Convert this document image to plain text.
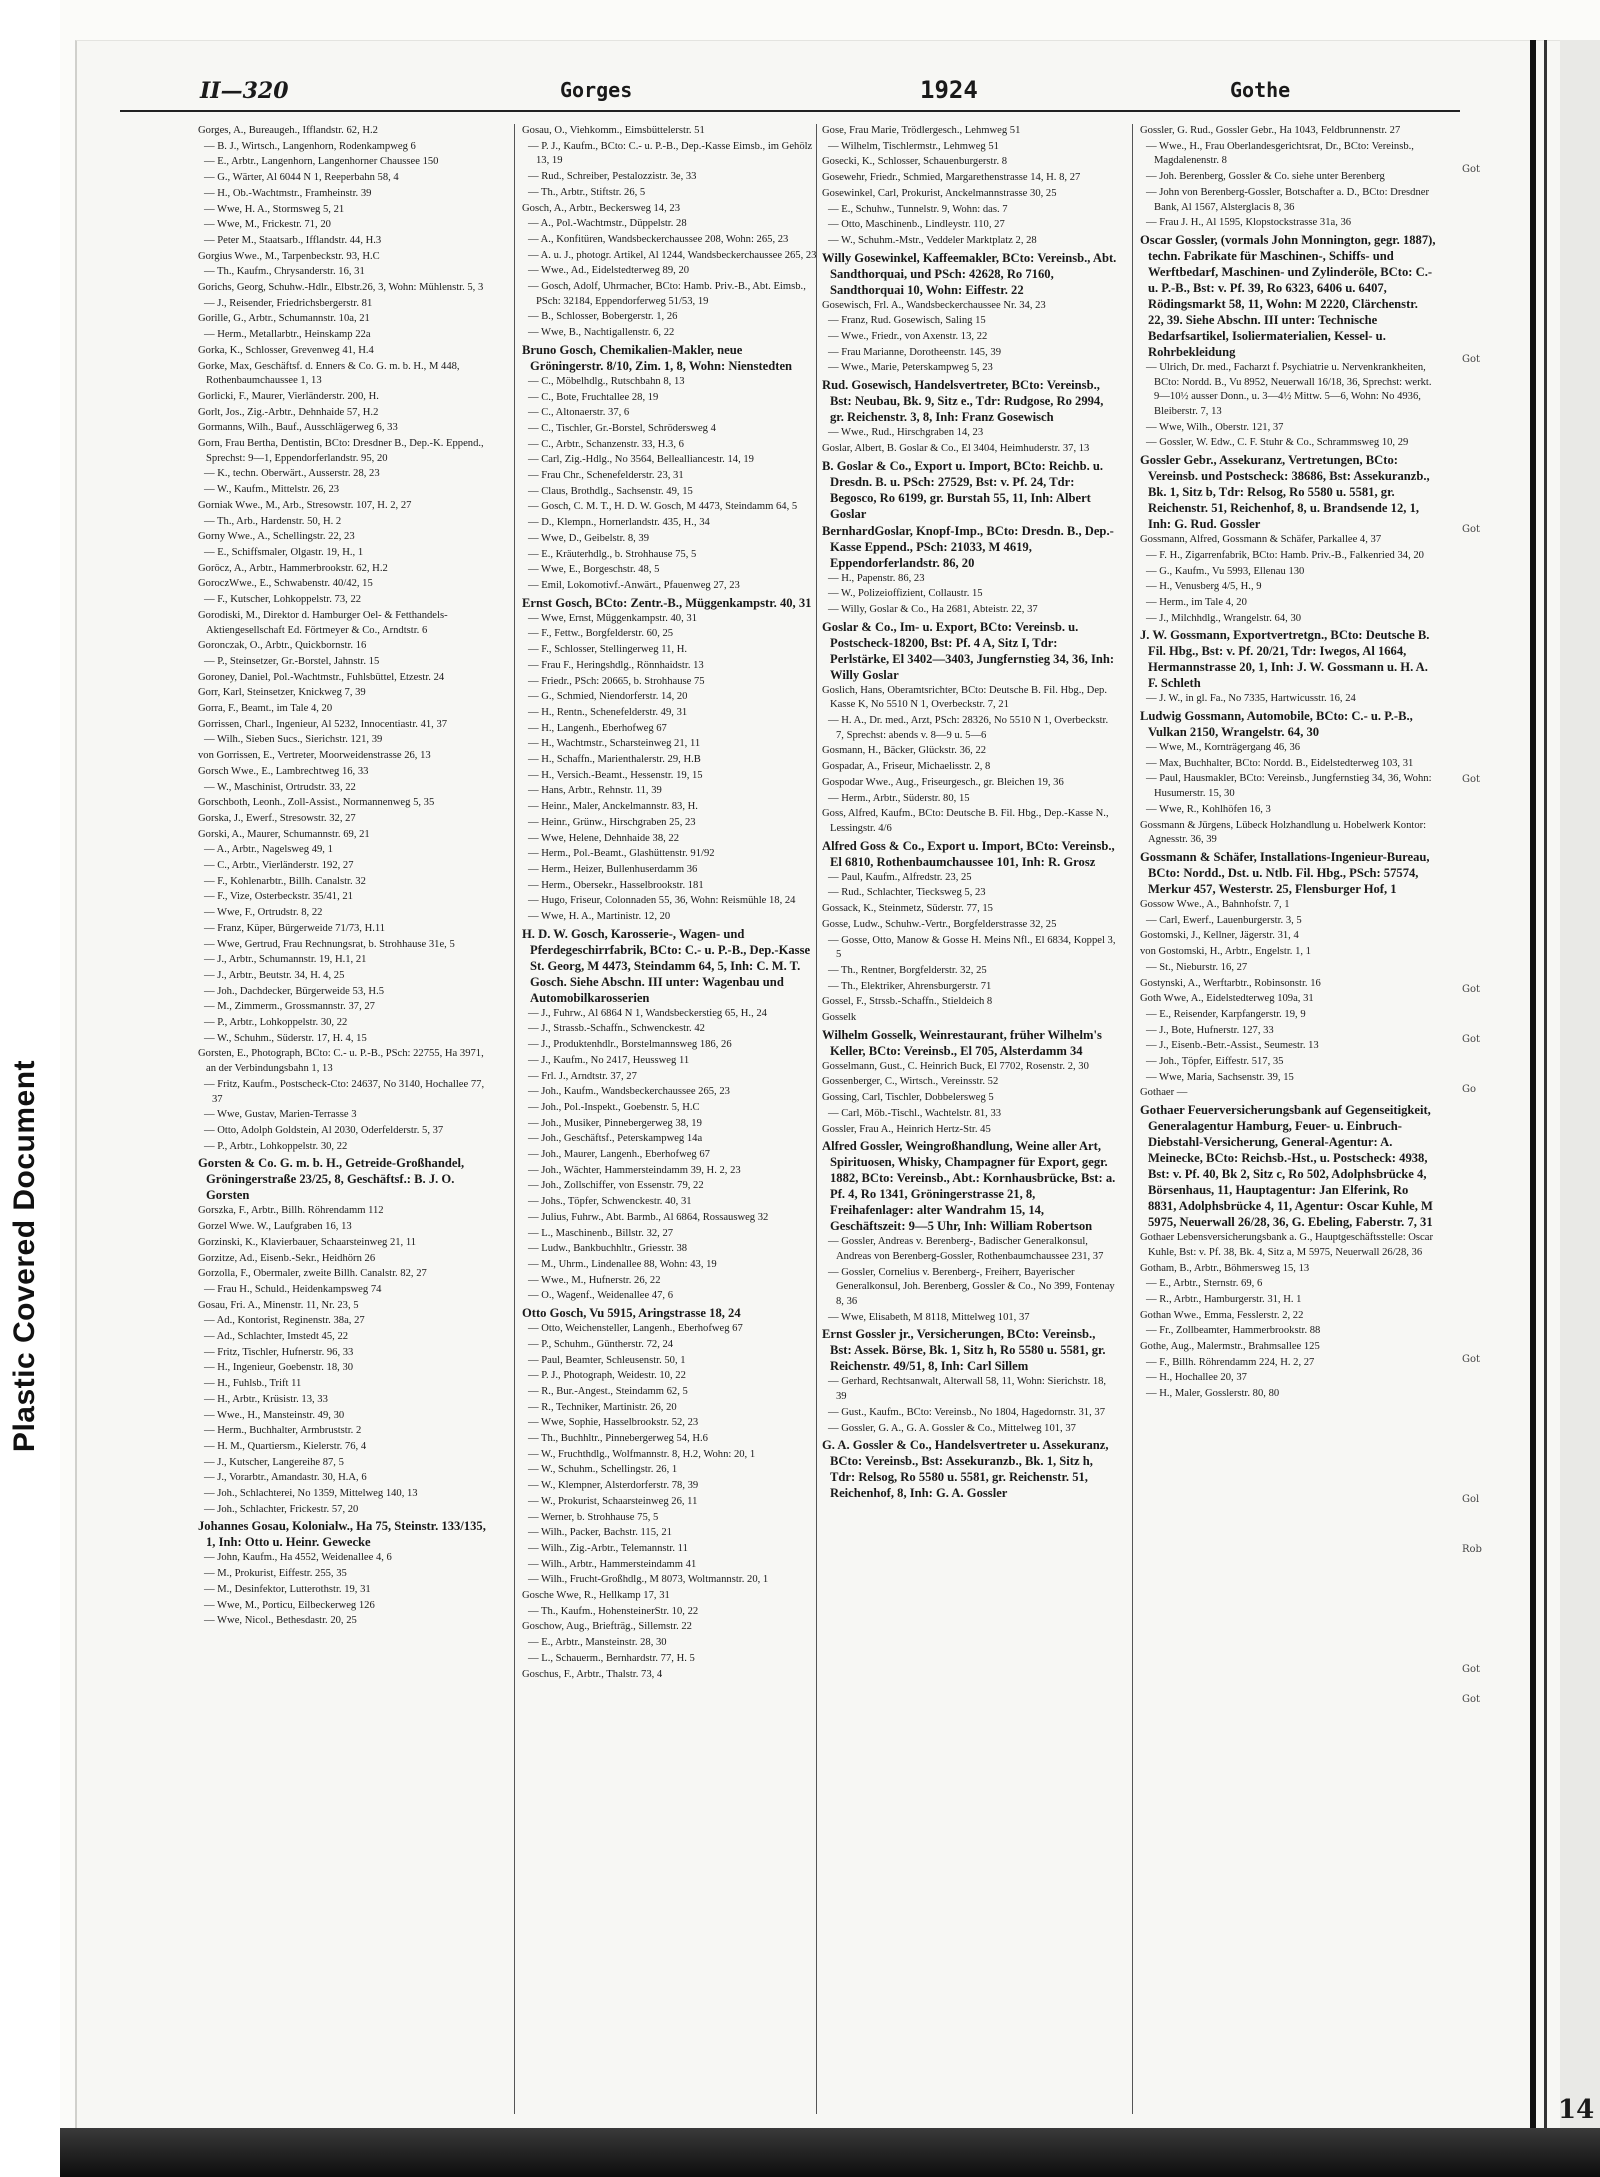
Plastic Covered Document
II—320	Gorges	1924	Gothe
Gorges, A., Bureaugeh., Ifflandstr. 62, H.2
— B. J., Wirtsch., Langenhorn, Rodenkampweg 6
— E., Arbtr., Langenhorn, Langenhorner Chaussee 150
— G., Wärter, Al 6044 N 1, Reeperbahn 58, 4
— H., Ob.-Wachtmstr., Framheinstr. 39
— Wwe, H. A., Stormsweg 5, 21
— Wwe, M., Frickestr. 71, 20
— Peter M., Staatsarb., Ifflandstr. 44, H.3
Gorgius Wwe., M., Tarpenbeckstr. 93, H.C
— Th., Kaufm., Chrysanderstr. 16, 31
Gorichs, Georg, Schuhw.-Hdlr., Elbstr.26, 3, Wohn: Mühlenstr. 5, 3
— J., Reisender, Friedrichsbergerstr. 81
Gorille, G., Arbtr., Schumannstr. 10a, 21
— Herm., Metallarbtr., Heinskamp 22a
Gorka, K., Schlosser, Grevenweg 41, H.4
Gorke, Max, Geschäftsf. d. Enners & Co. G. m. b. H., M 448, Rothenbaumchaussee 1, 13
Gorlicki, F., Maurer, Vierländerstr. 200, H.
Gorlt, Jos., Zig.-Arbtr., Dehnhaide 57, H.2
Gormanns, Wilh., Bauf., Ausschlägerweg 6, 33
Gorn, Frau Bertha, Dentistin, BCto: Dresdner B., Dep.-K. Eppend., Sprechst: 9—1, Eppendorferlandstr. 95, 20
— K., techn. Oberwärt., Ausserstr. 28, 23
— W., Kaufm., Mittelstr. 26, 23
Gorniak Wwe., M., Arb., Stresowstr. 107, H. 2, 27
— Th., Arb., Hardenstr. 50, H. 2
Gorny Wwe., A., Schellingstr. 22, 23
— E., Schiffsmaler, Olgastr. 19, H., 1
Goröcz, A., Arbtr., Hammerbrookstr. 62, H.2
GoroczWwe., E., Schwabenstr. 40/42, 15
— F., Kutscher, Lohkoppelstr. 73, 22
Gorodiski, M., Direktor d. Hamburger Oel- & Fetthandels-Aktiengesellschaft Ed. Förtmeyer & Co., Arndtstr. 6
Goronczak, O., Arbtr., Quickbornstr. 16
— P., Steinsetzer, Gr.-Borstel, Jahnstr. 15
Goroney, Daniel, Pol.-Wachtmstr., Fuhlsbüttel, Etzestr. 24
Gorr, Karl, Steinsetzer, Knickweg 7, 39
Gorra, F., Beamt., im Tale 4, 20
Gorrissen, Charl., Ingenieur, Al 5232, Innocentiastr. 41, 37
— Wilh., Sieben Sucs., Sierichstr. 121, 39
von Gorrissen, E., Vertreter, Moorweidenstrasse 26, 13
Gorsch Wwe., E., Lambrechtweg 16, 33
— W., Maschinist, Ortrudstr. 33, 22
Gorschboth, Leonh., Zoll-Assist., Normannenweg 5, 35
Gorska, J., Ewerf., Stresowstr. 32, 27
Gorski, A., Maurer, Schumannstr. 69, 21
— A., Arbtr., Nagelsweg 49, 1
— C., Arbtr., Vierländerstr. 192, 27
— F., Kohlenarbtr., Billh. Canalstr. 32
— F., Vize, Osterbeckstr. 35/41, 21
— Wwe, F., Ortrudstr. 8, 22
— Franz, Küper, Bürgerweide 71/73, H.11
— Wwe, Gertrud, Frau Rechnungsrat, b. Strohhause 31e, 5
— J., Arbtr., Schumannstr. 19, H.1, 21
— J., Arbtr., Beutstr. 34, H. 4, 25
— Joh., Dachdecker, Bürgerweide 53, H.5
— M., Zimmerm., Grossmannstr. 37, 27
— P., Arbtr., Lohkoppelstr. 30, 22
— W., Schuhm., Süderstr. 17, H. 4, 15
Gorsten, E., Photograph, BCto: C.- u. P.-B., PSch: 22755, Ha 3971, an der Verbindungsbahn 1, 13
— Fritz, Kaufm., Postscheck-Cto: 24637, No 3140, Hochallee 77, 37
— Wwe, Gustav, Marien-Terrasse 3
— Otto, Adolph Goldstein, Al 2030, Oderfelderstr. 5, 37
— P., Arbtr., Lohkoppelstr. 30, 22
Gorsten & Co. G. m. b. H., Getreide-Großhandel, Gröningerstraße 23/25, 8, Geschäftsf.: B. J. O. Gorsten
Gorszka, F., Arbtr., Billh. Röhrendamm 112
Gorzel Wwe. W., Laufgraben 16, 13
Gorzinski, K., Klavierbauer, Schaarsteinweg 21, 11
Gorzitze, Ad., Eisenb.-Sekr., Heidhörn 26
Gorzolla, F., Obermaler, zweite Billh. Canalstr. 82, 27
— Frau H., Schuld., Heidenkampsweg 74
Gosau, Fri. A., Minenstr. 11, Nr. 23, 5
— Ad., Kontorist, Reginenstr. 38a, 27
— Ad., Schlachter, Imstedt 45, 22
— Fritz, Tischler, Hufnerstr. 96, 33
— H., Ingenieur, Goebenstr. 18, 30
— H., Fuhlsb., Trift 11
— H., Arbtr., Krüsistr. 13, 33
— Wwe., H., Mansteinstr. 49, 30
— Herm., Buchhalter, Armbruststr. 2
— H. M., Quartiersm., Kielerstr. 76, 4
— J., Kutscher, Langereihe 87, 5
— J., Vorarbtr., Amandastr. 30, H.A, 6
— Joh., Schlachterei, No 1359, Mittelweg 140, 13
— Joh., Schlachter, Frickestr. 57, 20
Johannes Gosau, Kolonialw., Ha 75, Steinstr. 133/135, 1, Inh: Otto u. Heinr. Gewecke
— John, Kaufm., Ha 4552, Weidenallee 4, 6
— M., Prokurist, Eiffestr. 255, 35
— M., Desinfektor, Lutterothstr. 19, 31
— Wwe, M., Porticu, Eilbeckerweg 126
— Wwe, Nicol., Bethesdastr. 20, 25
Gosau, O., Viehkomm., Eimsbüttelerstr. 51
— P. J., Kaufm., BCto: C.- u. P.-B., Dep.-Kasse Eimsb., im Gehölz 13, 19
— Rud., Schreiber, Pestalozzistr. 3e, 33
— Th., Arbtr., Stiftstr. 26, 5
Gosch, A., Arbtr., Beckersweg 14, 23
— A., Pol.-Wachtmstr., Düppelstr. 28
— A., Konfitüren, Wandsbeckerchaussee 208, Wohn: 265, 23
— A. u. J., photogr. Artikel, Al 1244, Wandsbeckerchaussee 265, 23
— Wwe., Ad., Eidelstedterweg 89, 20
— Gosch, Adolf, Uhrmacher, BCto: Hamb. Priv.-B., Abt. Eimsb., PSch: 32184, Eppendorferweg 51/53, 19
— B., Schlosser, Bobergerstr. 1, 26
— Wwe, B., Nachtigallenstr. 6, 22
Bruno Gosch, Chemikalien-Makler, neue Gröningerstr. 8/10, Zim. 1, 8, Wohn: Nienstedten
— C., Möbelhdlg., Rutschbahn 8, 13
— C., Bote, Fruchtallee 28, 19
— C., Altonaerstr. 37, 6
— C., Tischler, Gr.-Borstel, Schrödersweg 4
— C., Arbtr., Schanzenstr. 33, H.3, 6
— Carl, Zig.-Hdlg., No 3564, Bellealliancestr. 14, 19
— Frau Chr., Schenefelderstr. 23, 31
— Claus, Brothdlg., Sachsenstr. 49, 15
— Gosch, C. M. T., H. D. W. Gosch, M 4473, Steindamm 64, 5
— D., Klempn., Hornerlandstr. 435, H., 34
— Wwe, D., Geibelstr. 8, 39
— E., Kräuterhdlg., b. Strohhause 75, 5
— Wwe, E., Borgeschstr. 48, 5
— Emil, Lokomotivf.-Anwärt., Pfauenweg 27, 23
Ernst Gosch, BCto: Zentr.-B., Müggenkampstr. 40, 31
— Wwe, Ernst, Müggenkampstr. 40, 31
— F., Fettw., Borgfelderstr. 60, 25
— F., Schlosser, Stellingerweg 11, H.
— Frau F., Heringshdlg., Rönnhaidstr. 13
— Friedr., PSch: 20665, b. Strohhause 75
— G., Schmied, Niendorferstr. 14, 20
— H., Rentn., Schenefelderstr. 49, 31
— H., Langenh., Eberhofweg 67
— H., Wachtmstr., Scharsteinweg 21, 11
— H., Schaffn., Marienthalerstr. 29, H.B
— H., Versich.-Beamt., Hessenstr. 19, 15
— Hans, Arbtr., Rehnstr. 11, 39
— Heinr., Maler, Anckelmannstr. 83, H.
— Heinr., Grünw., Hirschgraben 25, 23
— Wwe, Helene, Dehnhaide 38, 22
— Herm., Pol.-Beamt., Glashüttenstr. 91/92
— Herm., Heizer, Bullenhuserdamm 36
— Herm., Obersekr., Hasselbrookstr. 181
— Hugo, Friseur, Colonnaden 55, 36, Wohn: Reismühle 18, 24
— Wwe, H. A., Martinistr. 12, 20
H. D. W. Gosch, Karosserie-, Wagen- und Pferdegeschirrfabrik, BCto: C.- u. P.-B., Dep.-Kasse St. Georg, M 4473, Steindamm 64, 5, Inh: C. M. T. Gosch. Siehe Abschn. III unter: Wagenbau und Automobilkarosserien
— J., Fuhrw., Al 6864 N 1, Wandsbeckerstieg 65, H., 24
— J., Strassb.-Schaffn., Schwenckestr. 42
— J., Produktenhdlr., Borstelmannsweg 186, 26
— J., Kaufm., No 2417, Heussweg 11
— Frl. J., Arndtstr. 37, 27
— Joh., Kaufm., Wandsbeckerchaussee 265, 23
— Joh., Pol.-Inspekt., Goebenstr. 5, H.C
— Joh., Musiker, Pinnebergerweg 38, 19
— Joh., Geschäftsf., Peterskampweg 14a
— Joh., Maurer, Langenh., Eberhofweg 67
— Joh., Wächter, Hammersteindamm 39, H. 2, 23
— Joh., Zollschiffer, von Essenstr. 79, 22
— Johs., Töpfer, Schwenckestr. 40, 31
— Julius, Fuhrw., Abt. Barmb., Al 6864, Rossausweg 32
— L., Maschinenb., Billstr. 32, 27
— Ludw., Bankbuchhltr., Griesstr. 38
— M., Uhrm., Lindenallee 88, Wohn: 43, 19
— Wwe., M., Hufnerstr. 26, 22
— O., Wagenf., Weidenallee 47, 6
Otto Gosch, Vu 5915, Aringstrasse 18, 24
— Otto, Weichensteller, Langenh., Eberhofweg 67
— P., Schuhm., Güntherstr. 72, 24
— Paul, Beamter, Schleusenstr. 50, 1
— P. J., Photograph, Weidestr. 10, 22
— R., Bur.-Angest., Steindamm 62, 5
— R., Techniker, Martinistr. 26, 20
— Wwe, Sophie, Hasselbrookstr. 52, 23
— Th., Buchhltr., Pinnebergerweg 54, H.6
— W., Fruchthdlg., Wolfmannstr. 8, H.2, Wohn: 20, 1
— W., Schuhm., Schellingstr. 26, 1
— W., Klempner, Alsterdorferstr. 78, 39
— W., Prokurist, Schaarsteinweg 26, 11
— Werner, b. Strohhause 75, 5
— Wilh., Packer, Bachstr. 115, 21
— Wilh., Zig.-Arbtr., Telemannstr. 11
— Wilh., Arbtr., Hammersteindamm 41
— Wilh., Frucht-Großhdlg., M 8073, Woltmannstr. 20, 1
Gosche Wwe, R., Hellkamp 17, 31
— Th., Kaufm., HohensteinerStr. 10, 22
Goschow, Aug., Briefträg., Sillemstr. 22
— E., Arbtr., Mansteinstr. 28, 30
— L., Schauerm., Bernhardstr. 77, H. 5
Goschus, F., Arbtr., Thalstr. 73, 4
Gose, Frau Marie, Trödlergesch., Lehmweg 51
— Wilhelm, Tischlermstr., Lehmweg 51
Gosecki, K., Schlosser, Schauenburgerstr. 8
Gosewehr, Friedr., Schmied, Margarethenstrasse 14, H. 8, 27
Gosewinkel, Carl, Prokurist, Anckelmannstrasse 30, 25
— E., Schuhw., Tunnelstr. 9, Wohn: das. 7
— Otto, Maschinenb., Lindleystr. 110, 27
— W., Schuhm.-Mstr., Veddeler Marktplatz 2, 28
Willy Gosewinkel, Kaffeemakler, BCto: Vereinsb., Abt. Sandthorquai, und PSch: 42628, Ro 7160, Sandthorquai 10, Wohn: Eiffestr. 22
Gosewisch, Frl. A., Wandsbeckerchaussee Nr. 34, 23
— Franz, Rud. Gosewisch, Saling 15
— Wwe., Friedr., von Axenstr. 13, 22
— Frau Marianne, Dorotheenstr. 145, 39
— Wwe., Marie, Peterskampweg 5, 23
Rud. Gosewisch, Handelsvertreter, BCto: Vereinsb., Bst: Neubau, Bk. 9, Sitz e., Tdr: Rudgose, Ro 2994, gr. Reichenstr. 3, 8, Inh: Franz Gosewisch
— Wwe., Rud., Hirschgraben 14, 23
Goslar, Albert, B. Goslar & Co., El 3404, Heimhuderstr. 37, 13
B. Goslar & Co., Export u. Import, BCto: Reichb. u. Dresdn. B. u. PSch: 27529, Bst: v. Pf. 24, Tdr: Begosco, Ro 6199, gr. Burstah 55, 11, Inh: Albert Goslar
BernhardGoslar, Knopf-Imp., BCto: Dresdn. B., Dep.-Kasse Eppend., PSch: 21033, M 4619, Eppendorferlandstr. 86, 20
— H., Papenstr. 86, 23
— W., Polizeioffizient, Collaustr. 15
— Willy, Goslar & Co., Ha 2681, Abteistr. 22, 37
Goslar & Co., Im- u. Export, BCto: Vereinsb. u. Postscheck-18200, Bst: Pf. 4 A, Sitz I, Tdr: Perlstärke, El 3402—3403, Jungfernstieg 34, 36, Inh: Willy Goslar
Goslich, Hans, Oberamtsrichter, BCto: Deutsche B. Fil. Hbg., Dep. Kasse K, No 5510 N 1, Overbeckstr. 7, 21
— H. A., Dr. med., Arzt, PSch: 28326, No 5510 N 1, Overbeckstr. 7, Sprechst: abends v. 8—9 u. 5—6
Gosmann, H., Bäcker, Glückstr. 36, 22
Gospadar, A., Friseur, Michaelisstr. 2, 8
Gospodar Wwe., Aug., Friseurgesch., gr. Bleichen 19, 36
— Herm., Arbtr., Süderstr. 80, 15
Goss, Alfred, Kaufm., BCto: Deutsche B. Fil. Hbg., Dep.-Kasse N., Lessingstr. 4/6
Alfred Goss & Co., Export u. Import, BCto: Vereinsb., El 6810, Rothenbaumchaussee 101, Inh: R. Grosz
— Paul, Kaufm., Alfredstr. 23, 25
— Rud., Schlachter, Tiecksweg 5, 23
Gossack, K., Steinmetz, Süderstr. 77, 15
Gosse, Ludw., Schuhw.-Vertr., Borgfelderstrasse 32, 25
— Gosse, Otto, Manow & Gosse H. Meins Nfl., El 6834, Koppel 3, 5
— Th., Rentner, Borgfelderstr. 32, 25
— Th., Elektriker, Ahrensburgerstr. 71
Gossel, F., Strssb.-Schaffn., Stieldeich 8
Gosselk
Wilhelm Gosselk, Weinrestaurant, früher Wilhelm's Keller, BCto: Vereinsb., El 705, Alsterdamm 34
Gosselmann, Gust., C. Heinrich Buck, El 7702, Rosenstr. 2, 30
Gossenberger, C., Wirtsch., Vereinsstr. 52
Gossing, Carl, Tischler, Dobbelersweg 5
— Carl, Möb.-Tischl., Wachtelstr. 81, 33
Gossler, Frau A., Heinrich Hertz-Str. 45
Alfred Gossler, Weingroßhandlung, Weine aller Art, Spirituosen, Whisky, Champagner für Export, gegr. 1882, BCto: Vereinsb., Abt.: Kornhausbrücke, Bst: a. Pf. 4, Ro 1341, Gröningerstrasse 21, 8, Freihafenlager: alter Wandrahm 15, 14, Geschäftszeit: 9—5 Uhr, Inh: William Robertson
— Gossler, Andreas v. Berenberg-, Badischer Generalkonsul, Andreas von Berenberg-Gossler, Rothenbaumchaussee 231, 37
— Gossler, Cornelius v. Berenberg-, Freiherr, Bayerischer Generalkonsul, Joh. Berenberg, Gossler & Co., No 399, Fontenay 8, 36
— Wwe, Elisabeth, M 8118, Mittelweg 101, 37
Ernst Gossler jr., Versicherungen, BCto: Vereinsb., Bst: Assek. Börse, Bk. 1, Sitz h, Ro 5580 u. 5581, gr. Reichenstr. 49/51, 8, Inh: Carl Sillem
— Gerhard, Rechtsanwalt, Alterwall 58, 11, Wohn: Sierichstr. 18, 39
— Gust., Kaufm., BCto: Vereinsb., No 1804, Hagedornstr. 31, 37
— Gossler, G. A., G. A. Gossler & Co., Mittelweg 101, 37
G. A. Gossler & Co., Handelsvertreter u. Assekuranz, BCto: Vereinsb., Bst: Assekuranzb., Bk. 1, Sitz h, Tdr: Relsog, Ro 5580 u. 5581, gr. Reichenstr. 51, Reichenhof, 8, Inh: G. A. Gossler
Gossler, G. Rud., Gossler Gebr., Ha 1043, Feldbrunnenstr. 27
— Wwe., H., Frau Oberlandesgerichtsrat, Dr., BCto: Vereinsb., Magdalenenstr. 8
— Joh. Berenberg, Gossler & Co. siehe unter Berenberg
— John von Berenberg-Gossler, Botschafter a. D., BCto: Dresdner Bank, Al 1567, Alsterglacis 8, 36
— Frau J. H., Al 1595, Klopstockstrasse 31a, 36
Oscar Gossler, (vormals John Monnington, gegr. 1887), techn. Fabrikate für Maschinen-, Schiffs- und Werftbedarf, Maschinen- und Zylinderöle, BCto: C.- u. P.-B., Bst: v. Pf. 39, Ro 6323, 6406 u. 6407, Rödingsmarkt 58, 11, Wohn: M 2220, Clärchenstr. 22, 39. Siehe Abschn. III unter: Technische Bedarfsartikel, Isoliermaterialien, Kessel- u. Rohrbekleidung
— Ulrich, Dr. med., Facharzt f. Psychiatrie u. Nervenkrankheiten, BCto: Nordd. B., Vu 8952, Neuerwall 16/18, 36, Sprechst: werkt. 9—10½ ausser Donn., u. 3—4½ Mittw. 5—6, Wohn: No 4936, Bleiberstr. 7, 13
— Wwe, Wilh., Oberstr. 121, 37
— Gossler, W. Edw., C. F. Stuhr & Co., Schrammsweg 10, 29
Gossler Gebr., Assekuranz, Vertretungen, BCto: Vereinsb. und Postscheck: 38686, Bst: Assekuranzb., Bk. 1, Sitz b, Tdr: Relsog, Ro 5580 u. 5581, gr. Reichenstr. 51, Reichenhof, 8, u. Brandsende 12, 1, Inh: G. Rud. Gossler
Gossmann, Alfred, Gossmann & Schäfer, Parkallee 4, 37
— F. H., Zigarrenfabrik, BCto: Hamb. Priv.-B., Falkenried 34, 20
— G., Kaufm., Vu 5993, Ellenau 130
— H., Venusberg 4/5, H., 9
— Herm., im Tale 4, 20
— J., Milchhdlg., Wrangelstr. 64, 30
J. W. Gossmann, Exportvertretgn., BCto: Deutsche B. Fil. Hbg., Bst: v. Pf. 20/21, Tdr: Iwegos, Al 1664, Hermannstrasse 20, 1, Inh: J. W. Gossmann u. H. A. F. Schleth
— J. W., in gl. Fa., No 7335, Hartwicusstr. 16, 24
Ludwig Gossmann, Automobile, BCto: C.- u. P.-B., Vulkan 2150, Wrangelstr. 64, 30
— Wwe, M., Kornträgergang 46, 36
— Max, Buchhalter, BCto: Nordd. B., Eidelstedterweg 103, 31
— Paul, Hausmakler, BCto: Vereinsb., Jungfernstieg 34, 36, Wohn: Husumerstr. 15, 30
— Wwe, R., Kohlhöfen 16, 3
Gossmann & Jürgens, Lübeck Holzhandlung u. Hobelwerk Kontor: Agnesstr. 36, 39
Gossmann & Schäfer, Installations-Ingenieur-Bureau, BCto: Nordd., Dst. u. Ntlb. Fil. Hbg., PSch: 57574, Merkur 457, Westerstr. 25, Flensburger Hof, 1
Gossow Wwe., A., Bahnhofstr. 7, 1
— Carl, Ewerf., Lauenburgerstr. 3, 5
Gostomski, J., Kellner, Jägerstr. 31, 4
von Gostomski, H., Arbtr., Engelstr. 1, 1
— St., Nieburstr. 16, 27
Gostynski, A., Werftarbtr., Robinsonstr. 16
Goth Wwe, A., Eidelstedterweg 109a, 31
— E., Reisender, Karpfangerstr. 19, 9
— J., Bote, Hufnerstr. 127, 33
— J., Eisenb.-Betr.-Assist., Seumestr. 13
— Joh., Töpfer, Eiffestr. 517, 35
— Wwe, Maria, Sachsenstr. 39, 15
Gothaer —
Gothaer Feuerversicherungsbank auf Gegenseitigkeit, Generalagentur Hamburg, Feuer- u. Einbruch-Diebstahl-Versicherung, General-Agentur: A. Meinecke, BCto: Reichsb.-Hst., u. Postscheck: 4938, Bst: v. Pf. 40, Bk 2, Sitz c, Ro 502, Adolphsbrücke 4, Börsenhaus, 11, Hauptagentur: Jan Elferink, Ro 8831, Adolphsbrücke 4, 11, Agentur: Oscar Kuhle, M 5975, Neuerwall 26/28, 36, G. Ebeling, Faberstr. 7, 31
Gothaer Lebensversicherungsbank a. G., Hauptgeschäftsstelle: Oscar Kuhle, Bst: v. Pf. 38, Bk. 4, Sitz a, M 5975, Neuerwall 26/28, 36
Gotham, B., Arbtr., Böhmersweg 15, 13
— E., Arbtr., Sternstr. 69, 6
— R., Arbtr., Hamburgerstr. 31, H. 1
Gothan Wwe., Emma, Fesslerstr. 2, 22
— Fr., Zollbeamter, Hammerbrookstr. 88
Gothe, Aug., Malermstr., Brahmsallee 125
— F., Billh. Röhrendamm 224, H. 2, 27
— H., Hochallee 20, 37
— H., Maler, Gosslerstr. 80, 80
Got
Got
Got
Got
Got
Got
Go
Got
Gol
Rob
Got
Got
14
